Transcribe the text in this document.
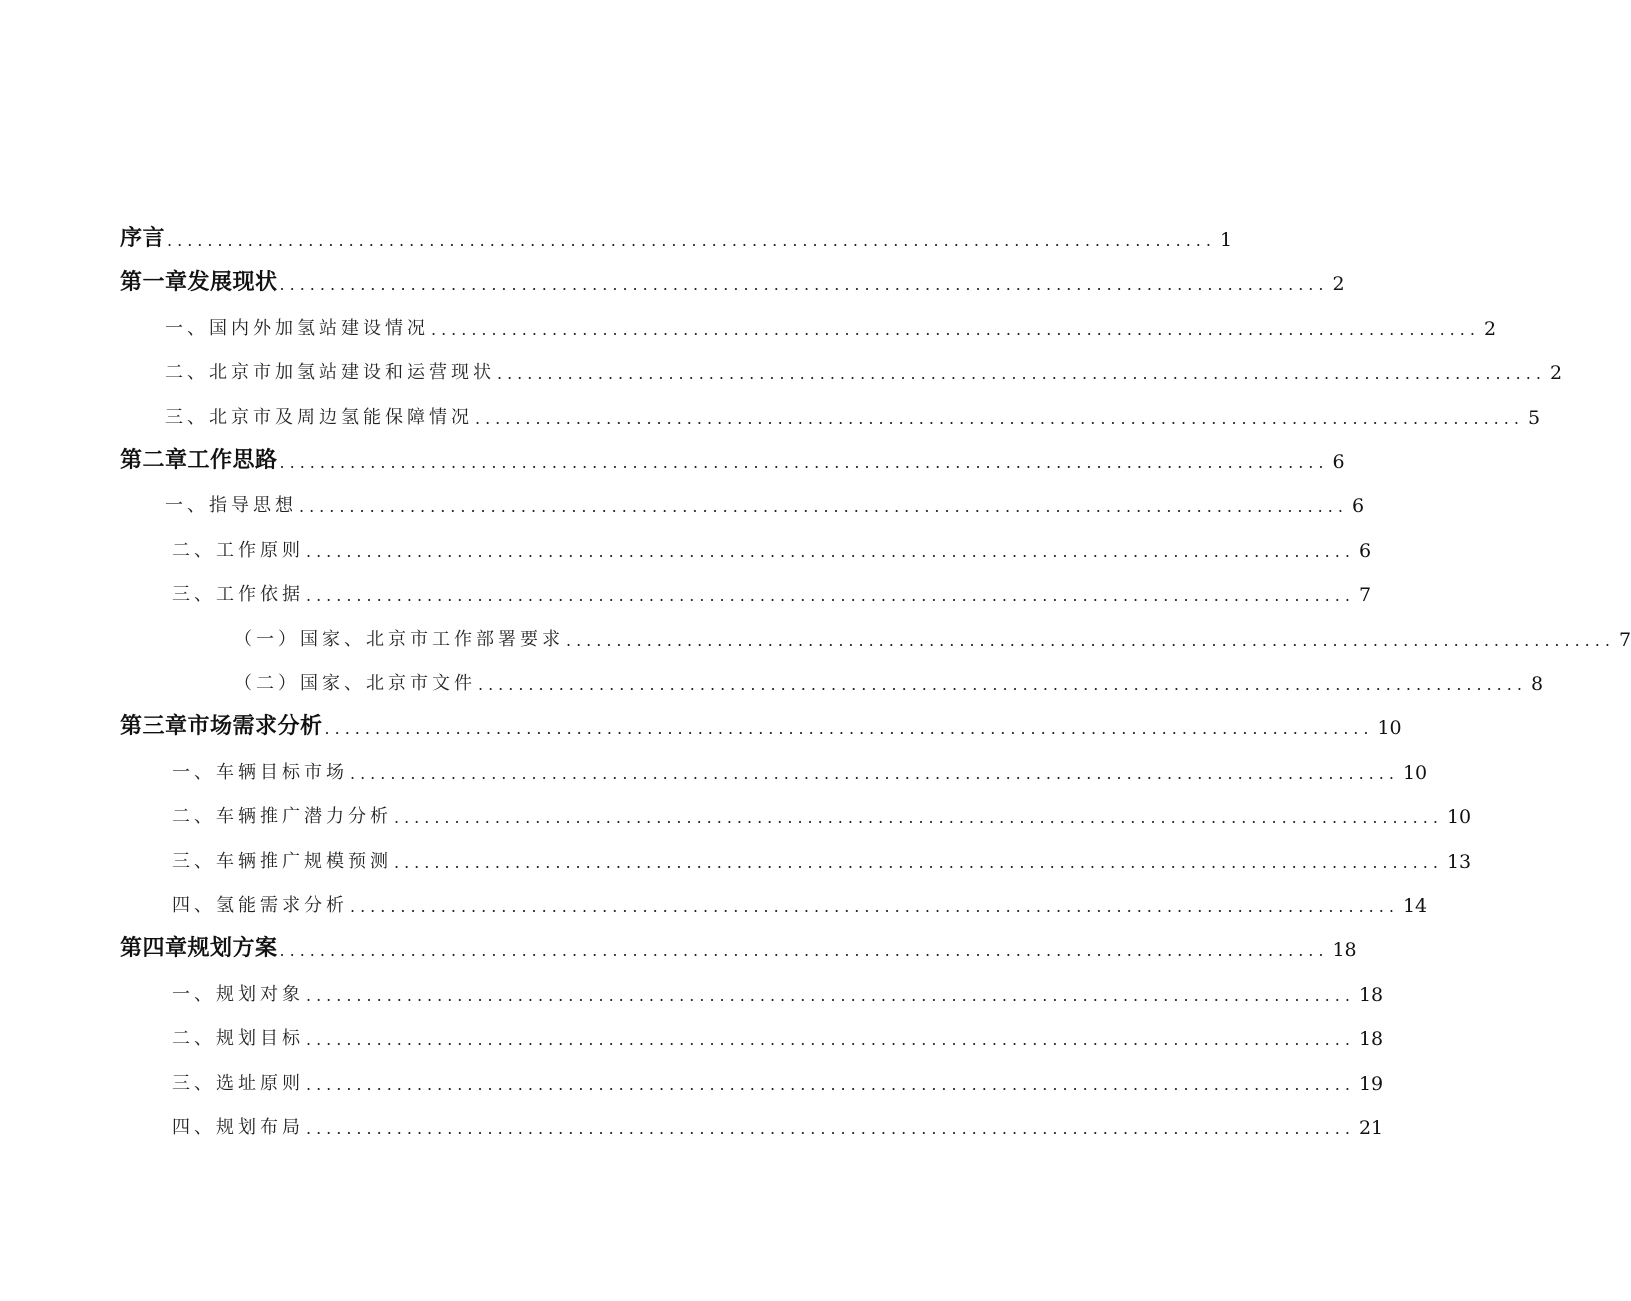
序言 ........................................................................................................ 1
第一章发展现状 ........................................................................................................ 2
一、国内外加氢站建设情况 ........................................................................................................ 2
二、北京市加氢站建设和运营现状 ........................................................................................................ 2
三、北京市及周边氢能保障情况 ........................................................................................................ 5
第二章工作思路 ........................................................................................................ 6
一、指导思想 ........................................................................................................ 6
二、工作原则 ........................................................................................................ 6
三、工作依据 ........................................................................................................ 7
（一）国家、北京市工作部署要求 ........................................................................................................ 7
（二）国家、北京市文件 ........................................................................................................ 8
第三章市场需求分析 ........................................................................................................ 10
一、车辆目标市场 ........................................................................................................ 10
二、车辆推广潜力分析 ........................................................................................................ 10
三、车辆推广规模预测 ........................................................................................................ 13
四、氢能需求分析 ........................................................................................................ 14
第四章规划方案 ........................................................................................................ 18
一、规划对象 ........................................................................................................ 18
二、规划目标 ........................................................................................................ 18
三、选址原则 ........................................................................................................ 19
四、规划布局 ........................................................................................................ 21
